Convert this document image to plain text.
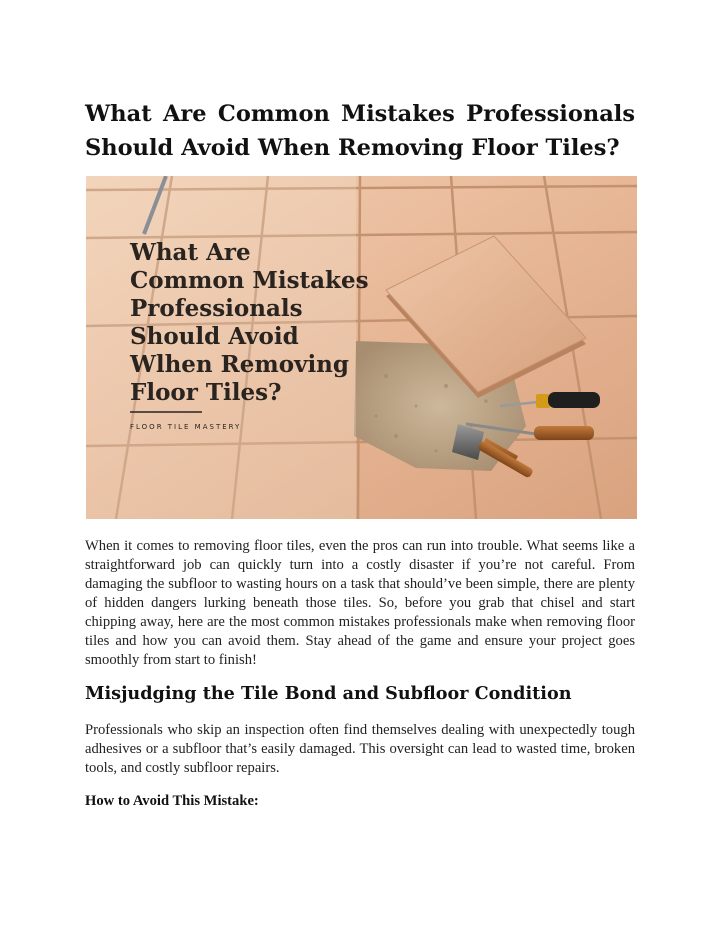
What Are Common Mistakes Professionals Should Avoid When Removing Floor Tiles?
What Are
Common Mistakes
Professionals
Should Avoid
Wlhen Removing
Floor Tiles?
FLOOR TILE MASTERY

When it comes to removing floor tiles, even the pros can run into trouble. What seems like a straightforward job can quickly turn into a costly disaster if you’re not careful. From damaging the subfloor to wasting hours on a task that should’ve been simple, there are plenty of hidden dangers lurking beneath those tiles. So, before you grab that chisel and start chipping away, here are the most common mistakes professionals make when removing floor tiles and how you can avoid them. Stay ahead of the game and ensure your project goes smoothly from start to finish!

Misjudging the Tile Bond and Subfloor Condition

Professionals who skip an inspection often find themselves dealing with unexpectedly tough adhesives or a subfloor that’s easily damaged. This oversight can lead to wasted time, broken tools, and costly subfloor repairs.

How to Avoid This Mistake:
